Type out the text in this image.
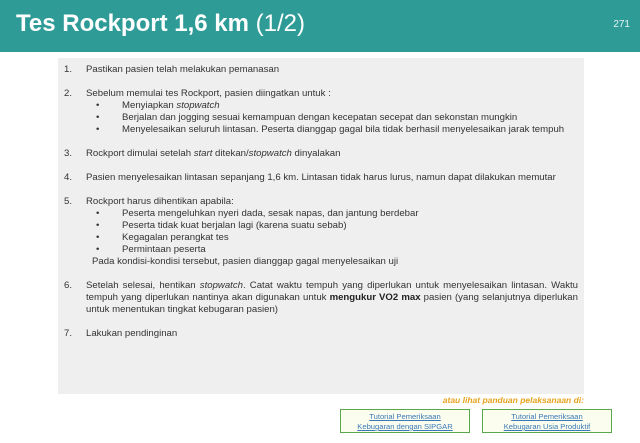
Tes Rockport 1,6 km (1/2)	271
1.	Pastikan pasien telah melakukan pemanasan
2.	Sebelum memulai tes Rockport, pasien diingatkan untuk :
•	Menyiapkan stopwatch
•	Berjalan dan jogging sesuai kemampuan dengan kecepatan secepat dan sekonstan mungkin
•	Menyelesaikan seluruh lintasan. Peserta dianggap gagal bila tidak berhasil menyelesaikan jarak tempuh
3.	Rockport dimulai setelah start ditekan/stopwatch dinyalakan
4.	Pasien menyelesaikan lintasan sepanjang 1,6 km. Lintasan tidak harus lurus, namun dapat dilakukan memutar
5.	Rockport harus dihentikan apabila:
•	Peserta mengeluhkan nyeri dada, sesak napas, dan jantung berdebar
•	Peserta tidak kuat berjalan lagi (karena suatu sebab)
•	Kegagalan perangkat tes
•	Permintaan peserta
Pada kondisi-kondisi tersebut, pasien dianggap gagal menyelesaikan uji
6.	Setelah selesai, hentikan stopwatch. Catat waktu tempuh yang diperlukan untuk menyelesaikan lintasan. Waktu tempuh yang diperlukan nantinya akan digunakan untuk mengukur VO2 max pasien (yang selanjutnya diperlukan untuk menentukan tingkat kebugaran pasien)
7.	Lakukan pendinginan
atau lihat panduan pelaksanaan di:
Tutorial Pemeriksaan
Kebugaran dengan SIPGAR
Tutorial Pemeriksaan
Kebugaran Usia Produktif
